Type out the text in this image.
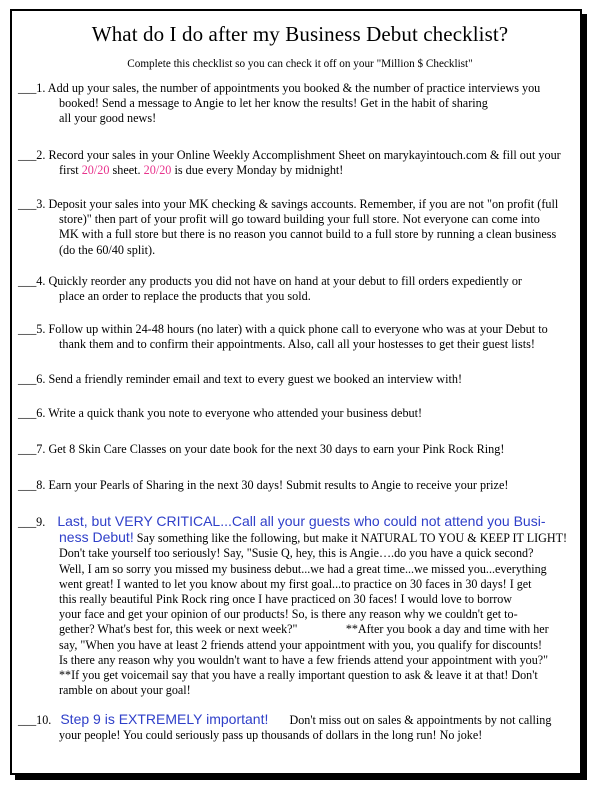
What do I do after my Business Debut checklist?
Complete this checklist so you can check it off on your "Million $ Checklist"
___1. Add up your sales, the number of appointments you booked & the number of practice interviews you
booked! Send a message to Angie to let her know the results! Get in the habit of sharing
all your good news!
___2. Record your sales in your Online Weekly Accomplishment Sheet on marykayintouch.com & fill out your
first 20/20 sheet. 20/20 is due every Monday by midnight!
___3. Deposit your sales into your MK checking & savings accounts. Remember, if you are not "on profit (full
store)" then part of your profit will go toward building your full store. Not everyone can come into
MK with a full store but there is no reason you cannot build to a full store by running a clean business
(do the 60/40 split).
___4. Quickly reorder any products you did not have on hand at your debut to fill orders expediently or
place an order to replace the products that you sold.
___5. Follow up within 24-48 hours (no later) with a quick phone call to everyone who was at your Debut to
thank them and to confirm their appointments. Also, call all your hostesses to get their guest lists!
___6. Send a friendly reminder email and text to every guest we booked an interview with!
___6. Write a quick thank you note to everyone who attended your business debut!
___7. Get 8 Skin Care Classes on your date book for the next 30 days to earn your Pink Rock Ring!
___8. Earn your Pearls of Sharing in the next 30 days! Submit results to Angie to receive your prize!
___9. Last, but VERY CRITICAL...Call all your guests who could not attend you Busi-
ness Debut! Say something like the following, but make it NATURAL TO YOU & KEEP IT LIGHT!
Don't take yourself too seriously! Say, "Susie Q, hey, this is Angie….do you have a quick second?
Well, I am so sorry you missed my business debut...we had a great time...we missed you...everything
went great! I wanted to let you know about my first goal...to practice on 30 faces in 30 days! I get
this really beautiful Pink Rock ring once I have practiced on 30 faces! I would love to borrow
your face and get your opinion of our products! So, is there any reason why we couldn't get to-
gether? What's best for, this week or next week?"                **After you book a day and time with her
say, "When you have at least 2 friends attend your appointment with you, you qualify for discounts!
Is there any reason why you wouldn't want to have a few friends attend your appointment with you?"
**If you get voicemail say that you have a really important question to ask & leave it at that! Don't
ramble on about your goal!
___10. Step 9 is EXTREMELY important! Don't miss out on sales & appointments by not calling
your people! You could seriously pass up thousands of dollars in the long run! No joke!
